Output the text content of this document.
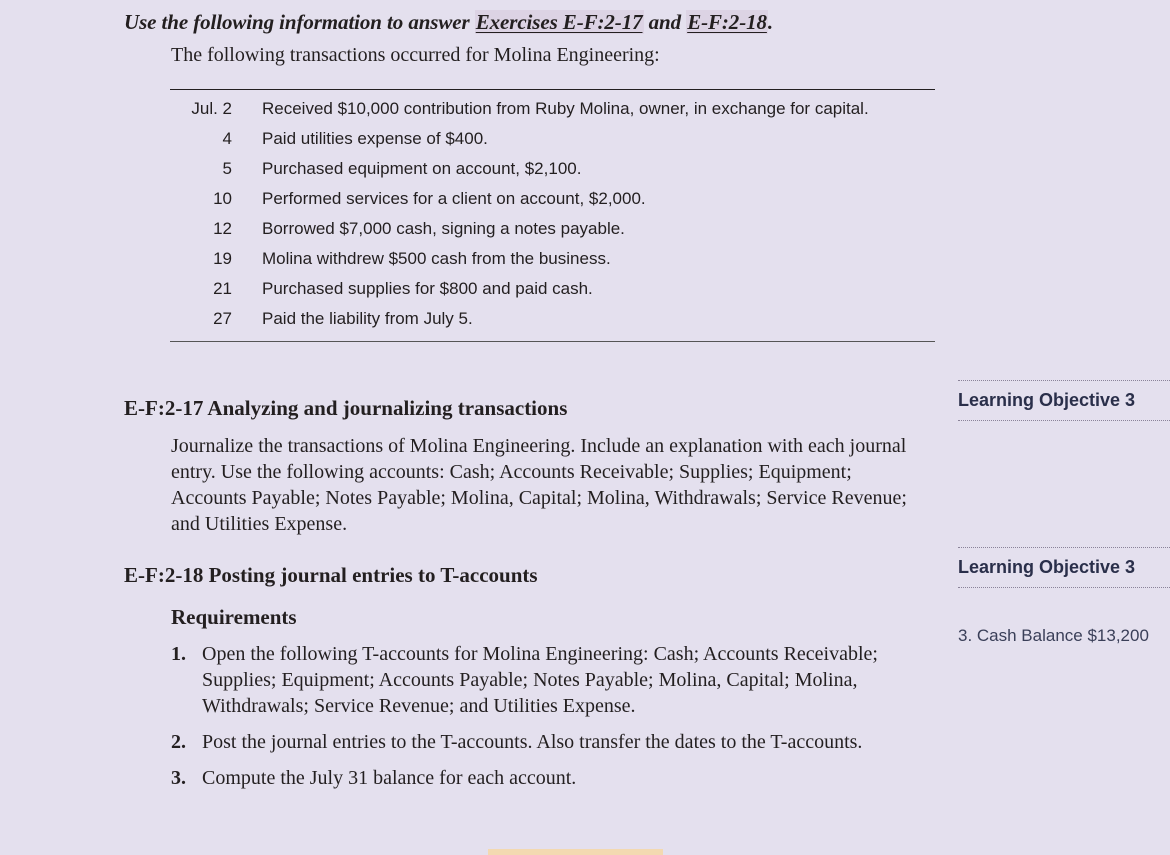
Use the following information to answer Exercises E-F:2-17 and E-F:2-18.
The following transactions occurred for Molina Engineering:
Jul. 2	Received $10,000 contribution from Ruby Molina, owner, in exchange for capital.
4	Paid utilities expense of $400.
5	Purchased equipment on account, $2,100.
10	Performed services for a client on account, $2,000.
12	Borrowed $7,000 cash, signing a notes payable.
19	Molina withdrew $500 cash from the business.
21	Purchased supplies for $800 and paid cash.
27	Paid the liability from July 5.
Learning Objective 3
E-F:2-17 Analyzing and journalizing transactions
Journalize the transactions of Molina Engineering. Include an explanation with each journal entry. Use the following accounts: Cash; Accounts Receivable; Supplies; Equipment; Accounts Payable; Notes Payable; Molina, Capital; Molina, Withdrawals; Service Revenue; and Utilities Expense.
Learning Objective 3
E-F:2-18 Posting journal entries to T-accounts
Requirements
1. Open the following T-accounts for Molina Engineering: Cash; Accounts Receivable; Supplies; Equipment; Accounts Payable; Notes Payable; Molina, Capital; Molina, Withdrawals; Service Revenue; and Utilities Expense.
2. Post the journal entries to the T-accounts. Also transfer the dates to the T-accounts.
3. Compute the July 31 balance for each account.
3. Cash Balance $13,200
